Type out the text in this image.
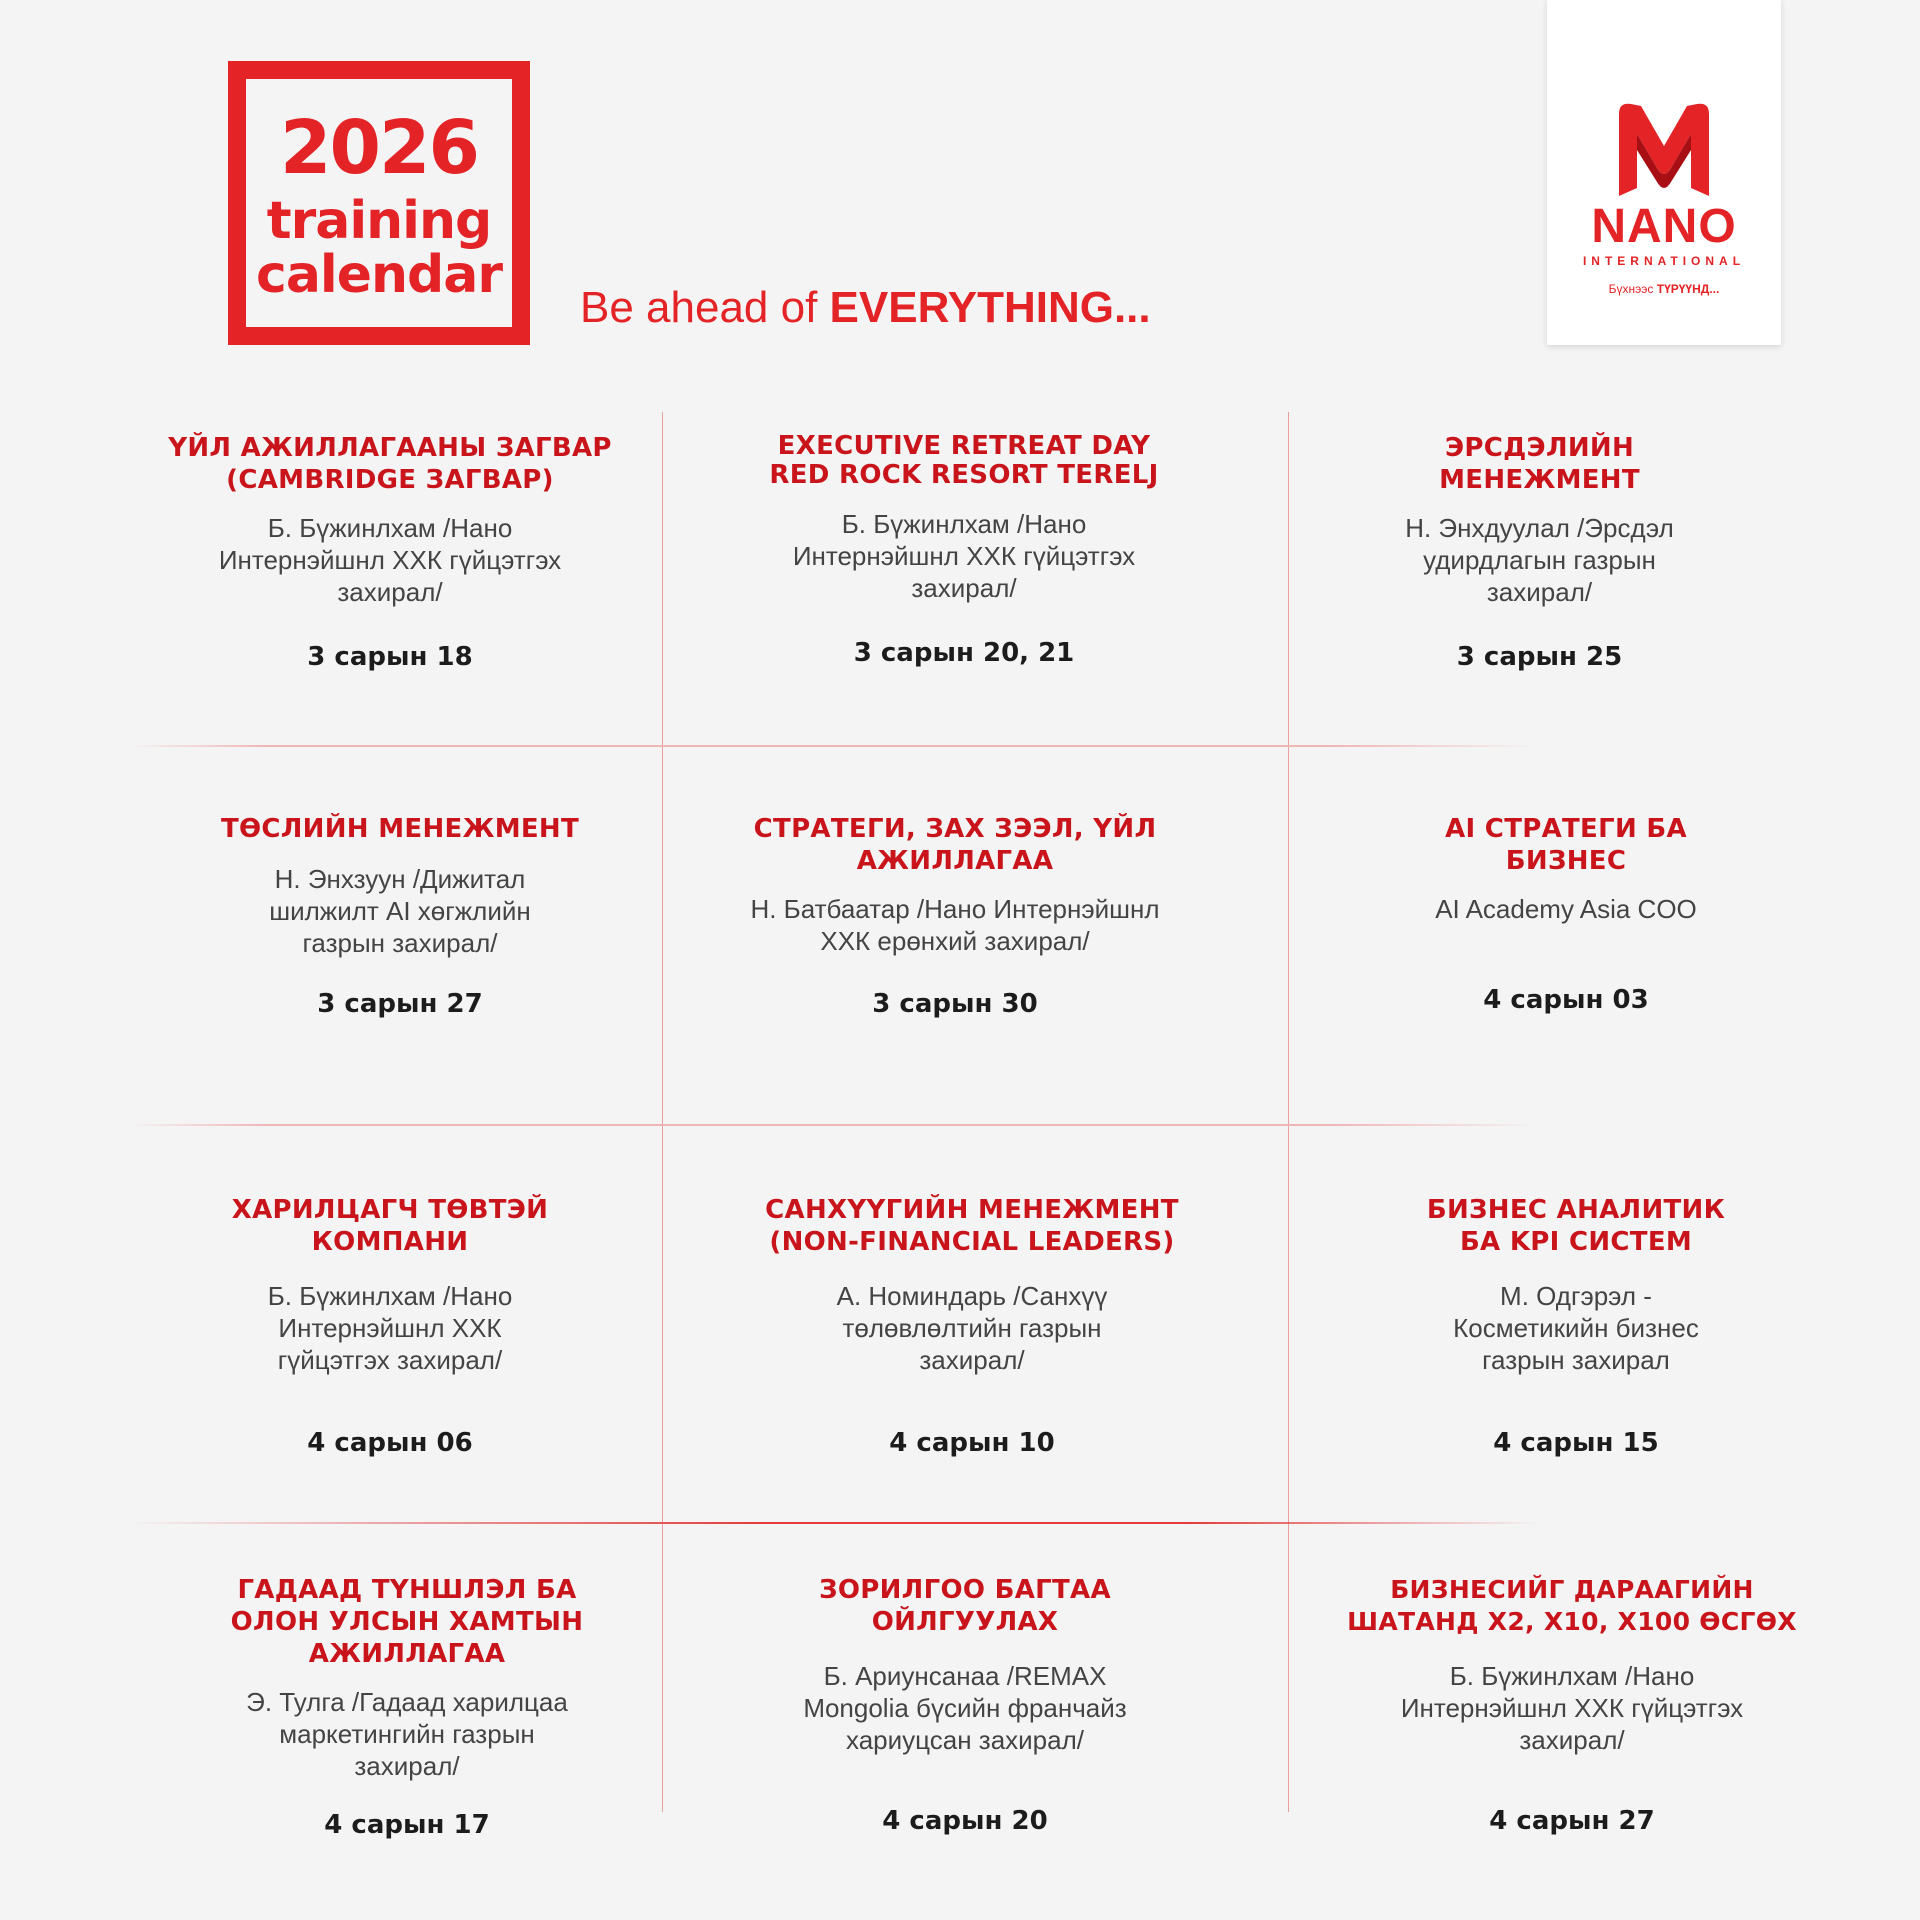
2026
training
calendar
Be ahead of EVERYTHING...
NANO
INTERNATIONAL
Бүхнээс ТҮРҮҮНД...
ҮЙЛ АЖИЛЛАГААНЫ ЗАГВАР
(CAMBRIDGE ЗАГВАР)
Б. Бүжинлхам /Нано
Интернэйшнл ХХК гүйцэтгэх
захирал/
3 сарын 18
EXECUTIVE RETREAT DAY
RED ROCK RESORT TERELJ
Б. Бүжинлхам /Нано
Интернэйшнл ХХК гүйцэтгэх
захирал/
3 сарын 20, 21
ЭРСДЭЛИЙН
МЕНЕЖМЕНТ
Н. Энхдуулал /Эрсдэл
удирдлагын газрын
захирал/
3 сарын 25
ТӨСЛИЙН МЕНЕЖМЕНТ
Н. Энхзуун /Дижитал
шилжилт AI хөгжлийн
газрын захирал/
3 сарын 27
СТРАТЕГИ, ЗАХ ЗЭЭЛ, ҮЙЛ
АЖИЛЛАГАА
Н. Батбаатар /Нано Интернэйшнл
ХХК ерөнхий захирал/
3 сарын 30
AI СТРАТЕГИ БА
БИЗНЕС
AI Academy Asia COO
4 сарын 03
ХАРИЛЦАГЧ ТӨВТЭЙ
КОМПАНИ
Б. Бүжинлхам /Нано
Интернэйшнл ХХК
гүйцэтгэх захирал/
4 сарын 06
САНХҮҮГИЙН МЕНЕЖМЕНТ
(NON-FINANCIAL LEADERS)
А. Номиндарь /Санхүү
төлөвлөлтийн газрын
захирал/
4 сарын 10
БИЗНЕС АНАЛИТИК
БА KPI СИСТЕМ
М. Одгэрэл -
Косметикийн бизнес
газрын захирал
4 сарын 15
ГАДААД ТҮНШЛЭЛ БА
ОЛОН УЛСЫН ХАМТЫН
АЖИЛЛАГАА
Э. Тулга /Гадаад харилцаа
маркетингийн газрын
захирал/
4 сарын 17
ЗОРИЛГОО БАГТАА
ОЙЛГУУЛАХ
Б. Ариунсанаа /REMAX
Mongolia бүсийн франчайз
хариуцсан захирал/
4 сарын 20
БИЗНЕСИЙГ ДАРААГИЙН
ШАТАНД X2, X10, X100 ӨСГӨХ
Б. Бүжинлхам /Нано
Интернэйшнл ХХК гүйцэтгэх
захирал/
4 сарын 27
